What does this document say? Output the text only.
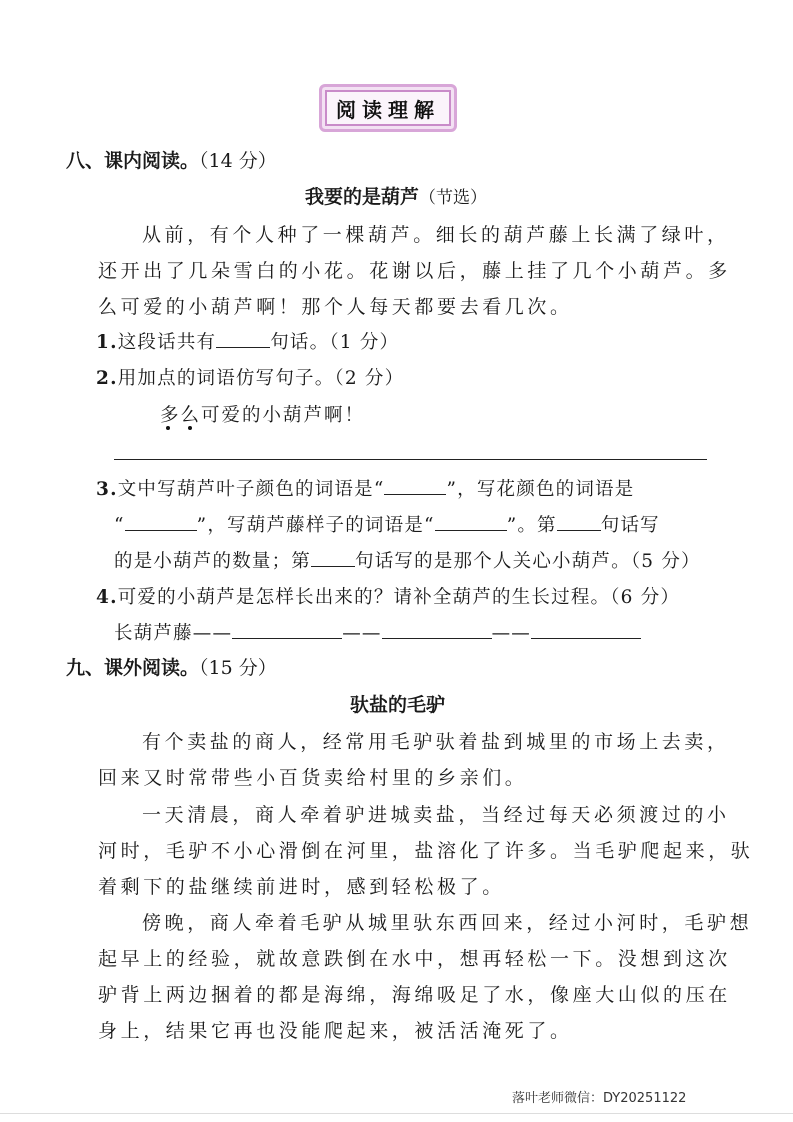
阅读理解
八、课内阅读。（14 分）
我要的是葫芦（节选）
从前，有个人种了一棵葫芦。细长的葫芦藤上长满了绿叶，
还开出了几朵雪白的小花。花谢以后，藤上挂了几个小葫芦。多
么可爱的小葫芦啊！那个人每天都要去看几次。
1.这段话共有	句话。（1 分）
2.用加点的词语仿写句子。（2 分）
多么可爱的小葫芦啊！
3.文中写葫芦叶子颜色的词语是“	”，写花颜色的词语是
“	”，写葫芦藤样子的词语是“	”。第 句话写
的是小葫芦的数量；第 句话写的是那个人关心小葫芦。（5 分）
4.可爱的小葫芦是怎样长出来的？请补全葫芦的生长过程。（6 分）
长葫芦藤——	——	——
九、课外阅读。（15 分）
驮盐的毛驴
有个卖盐的商人，经常用毛驴驮着盐到城里的市场上去卖，
回来又时常带些小百货卖给村里的乡亲们。
一天清晨，商人牵着驴进城卖盐，当经过每天必须渡过的小
河时，毛驴不小心滑倒在河里，盐溶化了许多。当毛驴爬起来，驮
着剩下的盐继续前进时，感到轻松极了。
傍晚，商人牵着毛驴从城里驮东西回来，经过小河时，毛驴想
起早上的经验，就故意跌倒在水中，想再轻松一下。没想到这次
驴背上两边捆着的都是海绵，海绵吸足了水，像座大山似的压在
身上，结果它再也没能爬起来，被活活淹死了。
落叶老师微信：DY20251122
